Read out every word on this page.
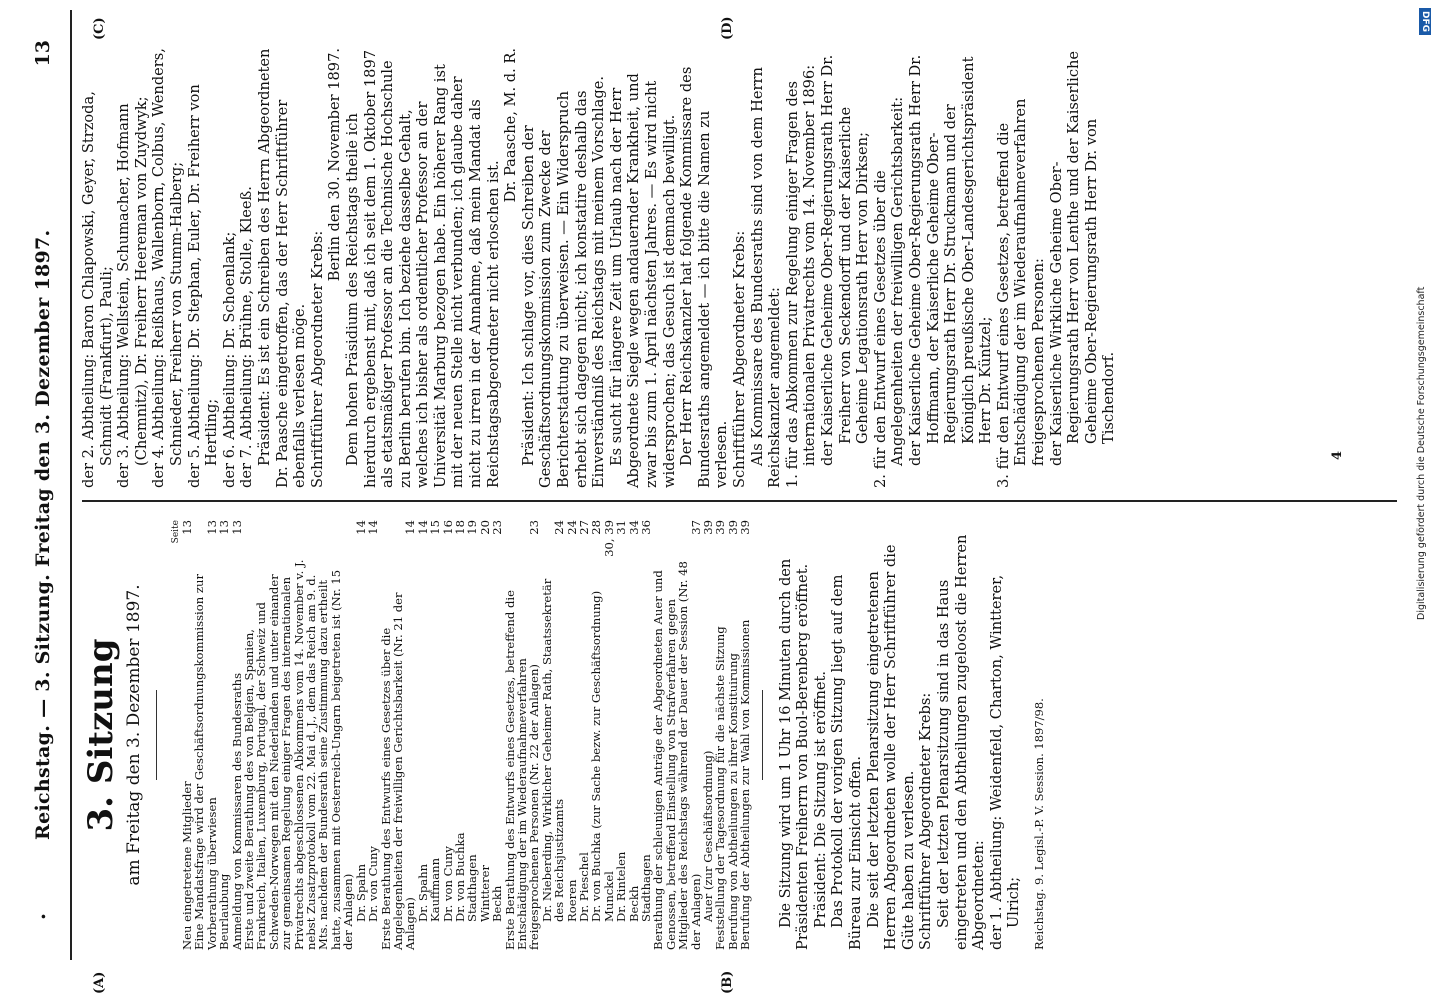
.
Reichstag. — 3. Sitzung. Freitag den 3. Dezember 1897.
13
(A)	(B)
(C)	(D)

3. Sitzung am Freitag den 3. Dezember 1897.

Seite
Neu eingetretene Mitglieder
13
Eine Mandatsfrage wird der Geschäftsordnungskommission zur Vorberathung überwiesen
13
Beurlaubung
13
Anmeldung von Kommissaren des Bundesraths
13
Erste und zweite Berathung des von Belgien, Spanien, Frankreich, Italien, Luxemburg, Portugal, der Schweiz und Schweden-Norwegen mit den Niederlanden und unter einander zur gemeinsamen Regelung einiger Fragen des internationalen Privatrechts abgeschlossenen Abkommens vom 14. November v. J. nebst Zusatzprotokoll vom 22. Mai d. J., dem das Reich am 9. d. Mts. nachdem der Bundesrath seine Zustimmung dazu ertheilt hatte, zusammen mit Oesterreich-Ungarn beigetreten ist (Nr. 15 der Anlagen)
Dr. Spahn
14
Dr. von Cuny
14
Erste Berathung des Entwurfs eines Gesetzes über die Angelegenheiten der freiwilligen Gerichtsbarkeit (Nr. 21 der Anlagen)
14
Dr. Spahn
14
Kauffmann
15
Dr. von Cuny
16
Dr. von Buchka
18
Stadthagen
19
Wintterer
20
Beckh
23
Erste Berathung des Entwurfs eines Gesetzes, betreffend die Entschädigung der im Wiederaufnahmeverfahren freigesprochenen Personen (Nr. 22 der Anlagen)
23
Dr. Nieberding, Wirklicher Geheimer Rath, Staatssekretär des Reichsjustizamts
24
Roeren
24
Dr. Pieschel
27
Dr. von Buchka (zur Sache bezw. zur Geschäftsordnung)
28
Munckel
30, 39
Dr. Rintelen
31
Beckh
34
Stadthagen
36
Berathung der schleunigen Anträge der Abgeordneten Auer und Genossen, betreffend Einstellung von Strafverfahren gegen Mitglieder des Reichstags während der Dauer der Session (Nr. 48 der Anlagen)
37
Auer (zur Geschäftsordnung)
39
Feststellung der Tagesordnung für die nächste Sitzung
39
Berufung von Abtheilungen zu ihrer Konstituirung
39
Berufung der Abtheilungen zur Wahl von Kommissionen
39

Die Sitzung wird um 1 Uhr 16 Minuten durch den Präsidenten Freiherrn von Buol-Berenberg eröffnet. Präsident: Die Sitzung ist eröffnet. Das Protokoll der vorigen Sitzung liegt auf dem Büreau zur Einsicht offen. Die seit der letzten Plenarsitzung eingetretenen Herren Abgeordneten wolle der Herr Schriftführer die Güte haben zu verlesen. Schriftführer Abgeordneter Krebs: Seit der letzten Plenarsitzung sind in das Haus eingetreten und den Abtheilungen zugeloost die Herren Abgeordneten: der 1. Abtheilung: Weidenfeld, Charton, Wintterer, Ulrich; Reichstag. 9. Legisl.-P. V. Session. 1897/98.

der 2. Abtheilung: Baron Chlapowski, Geyer, Strzoda, Schmidt (Frankfurt), Pauli; der 3. Abtheilung: Wellstein, Schumacher, Hofmann (Chemnitz), Dr. Freiherr Heereman von Zuydwyk; der 4. Abtheilung: Reißhaus, Wallenborn, Colbus, Wenders, Schnieder, Freiherr von Stumm-Halberg; der 5. Abtheilung: Dr. Stephan, Euler, Dr. Freiherr von Hertling; der 6. Abtheilung: Dr. Schoenlank; der 7. Abtheilung: Brühne, Stolle, Kleeß. Präsident: Es ist ein Schreiben des Herrn Abgeordneten Dr. Paasche eingetroffen, das der Herr Schriftführer ebenfalls verlesen möge. Schriftführer Abgeordneter Krebs:

Berlin den 30. November 1897. Dem hohen Präsidium des Reichstags theile ich hierdurch ergebenst mit, daß ich seit dem 1. Oktober 1897 als etatsmäßiger Professor an die Technische Hochschule zu Berlin berufen bin. Ich beziehe dasselbe Gehalt, welches ich bisher als ordentlicher Professor an der Universität Marburg bezogen habe. Ein höherer Rang ist mit der neuen Stelle nicht verbunden; ich glaube daher nicht zu irren in der Annahme, daß mein Mandat als Reichstagsabgeordneter nicht erloschen ist.

Dr. Paasche, M. d. R.

Präsident: Ich schlage vor, dies Schreiben der Geschäftsordnungskommission zum Zwecke der Berichterstattung zu überweisen. — Ein Widerspruch erhebt sich dagegen nicht; ich konstatire deshalb das Einverständniß des Reichstags mit meinem Vorschlage. Es sucht für längere Zeit um Urlaub nach der Herr Abgeordnete Siegle wegen andauernder Krankheit, und zwar bis zum 1. April nächsten Jahres. — Es wird nicht widersprochen; das Gesuch ist demnach bewilligt. Der Herr Reichskanzler hat folgende Kommissare des Bundesraths angemeldet — ich bitte die Namen zu verlesen. Schriftführer Abgeordneter Krebs: Als Kommissare des Bundesraths sind von dem Herrn Reichskanzler angemeldet: 1. für das Abkommen zur Regelung einiger Fragen des internationalen Privatrechts vom 14. November 1896: der Kaiserliche Geheime Ober-Regierungsrath Herr Dr. Freiherr von Seckendorff und der Kaiserliche Geheime Legationsrath Herr von Dirksen; 2. für den Entwurf eines Gesetzes über die Angelegenheiten der freiwilligen Gerichtsbarkeit: der Kaiserliche Geheime Ober-Regierungsrath Herr Dr. Hoffmann, der Kaiserliche Geheime Ober-Regierungsrath Herr Dr. Struckmann und der Königlich preußische Ober-Landesgerichtspräsident Herr Dr. Küntzel; 3. für den Entwurf eines Gesetzes, betreffend die Entschädigung der im Wiederaufnahmeverfahren freigesprochenen Personen: der Kaiserliche Wirkliche Geheime Ober-Regierungsrath Herr von Lenthe und der Kaiserliche Geheime Ober-Regierungsrath Herr Dr. von Tischendorf.

4	Digitalisierung gefördert durch die Deutsche Forschungsgemeinschaft
DFG
